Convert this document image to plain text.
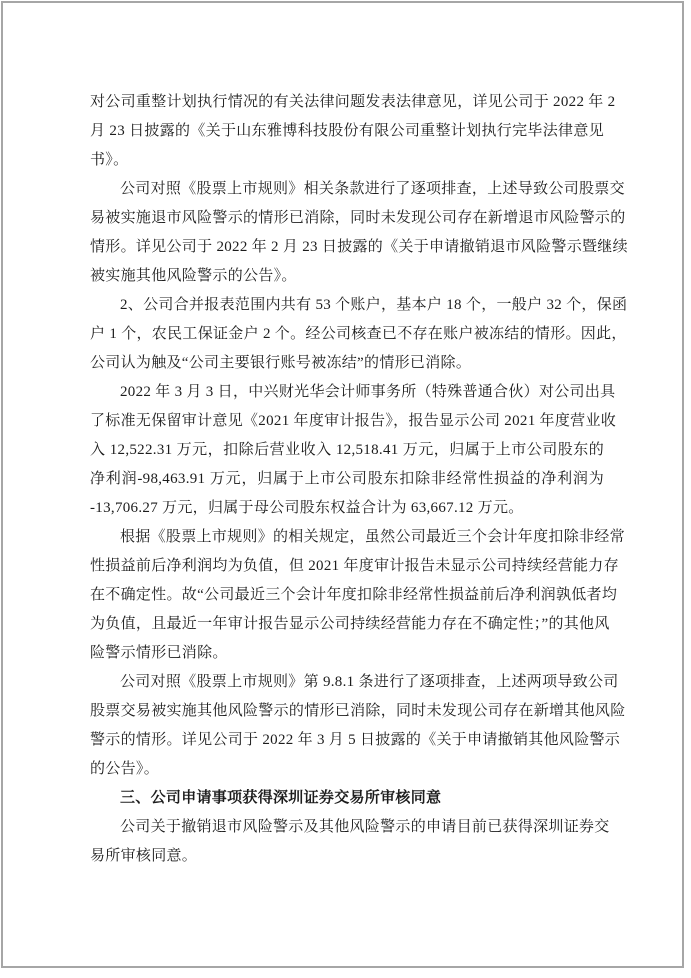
对公司重整计划执行情况的有关法律问题发表法律意见，详见公司于 2022 年 2
月 23 日披露的《关于山东雅博科技股份有限公司重整计划执行完毕法律意见
书》。
公司对照《股票上市规则》相关条款进行了逐项排查，上述导致公司股票交
易被实施退市风险警示的情形已消除，同时未发现公司存在新增退市风险警示的
情形。详见公司于 2022 年 2 月 23 日披露的《关于申请撤销退市风险警示暨继续
被实施其他风险警示的公告》。
2、公司合并报表范围内共有 53 个账户，基本户 18 个，一般户 32 个，保函
户 1 个，农民工保证金户 2 个。经公司核查已不存在账户被冻结的情形。因此，
公司认为触及“公司主要银行账号被冻结”的情形已消除。
2022 年 3 月 3 日，中兴财光华会计师事务所（特殊普通合伙）对公司出具
了标准无保留审计意见《2021 年度审计报告》，报告显示公司 2021 年度营业收
入 12,522.31 万元，扣除后营业收入 12,518.41 万元，归属于上市公司股东的
净利润-98,463.91 万元，归属于上市公司股东扣除非经常性损益的净利润为
-13,706.27 万元，归属于母公司股东权益合计为 63,667.12 万元。
根据《股票上市规则》的相关规定，虽然公司最近三个会计年度扣除非经常
性损益前后净利润均为负值，但 2021 年度审计报告未显示公司持续经营能力存
在不确定性。故“公司最近三个会计年度扣除非经常性损益前后净利润孰低者均
为负值，且最近一年审计报告显示公司持续经营能力存在不确定性；”的其他风
险警示情形已消除。
公司对照《股票上市规则》第 9.8.1 条进行了逐项排查，上述两项导致公司
股票交易被实施其他风险警示的情形已消除，同时未发现公司存在新增其他风险
警示的情形。详见公司于 2022 年 3 月 5 日披露的《关于申请撤销其他风险警示
的公告》。
三、公司申请事项获得深圳证券交易所审核同意
公司关于撤销退市风险警示及其他风险警示的申请目前已获得深圳证券交
易所审核同意。
